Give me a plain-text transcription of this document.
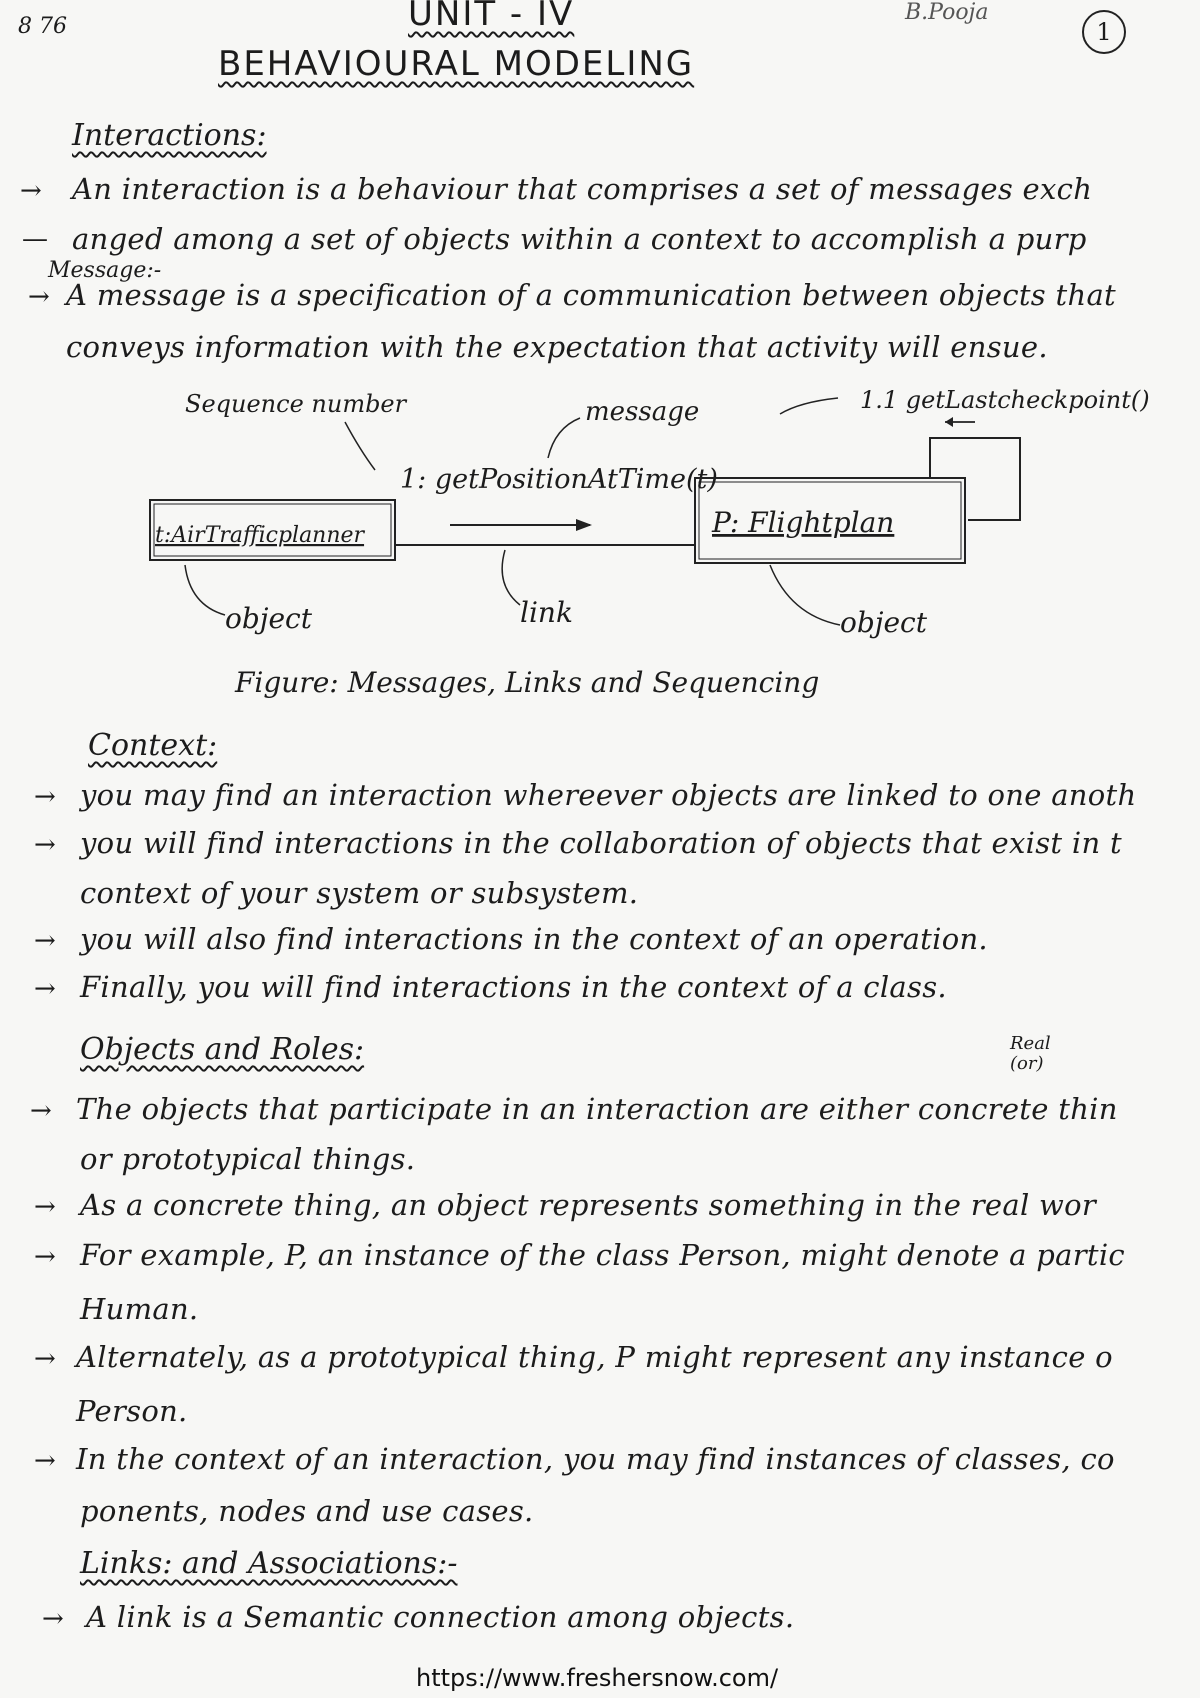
8 76	UNIT - IV
BEHAVIOURAL MODELING
B.Pooja
1
Interactions:
→ An interaction is a behaviour that comprises a set of messages exch
— anged among a set of objects within a context to accomplish a purp
Message:-
→ A message is a specification of a communication between objects that
conveys information with the expectation that activity will ensue.
Sequence number	message	1.1 getLastcheckpoint()
1: getPositionAtTime(t)
t:AirTrafficplanner	P: Flightplan
object	link	object
Figure: Messages, Links and Sequencing
Context:
→ you may find an interaction whereever objects are linked to one anoth
→ you will find interactions in the collaboration of objects that exist in t
context of your system or subsystem.
→ you will also find interactions in the context of an operation.
→ Finally, you will find interactions in the context of a class.
Objects and Roles:	Real (or)
→ The objects that participate in an interaction are either concrete thin
or prototypical things.
→ As a concrete thing, an object represents something in the real wor
→ For example, P, an instance of the class Person, might denote a partic
Human.
→ Alternately, as a prototypical thing, P might represent any instance o
Person.
→ In the context of an interaction, you may find instances of classes, co
ponents, nodes and use cases.
Links: and Associations:-
→ A link is a Semantic connection among objects.
https://www.freshersnow.com/
